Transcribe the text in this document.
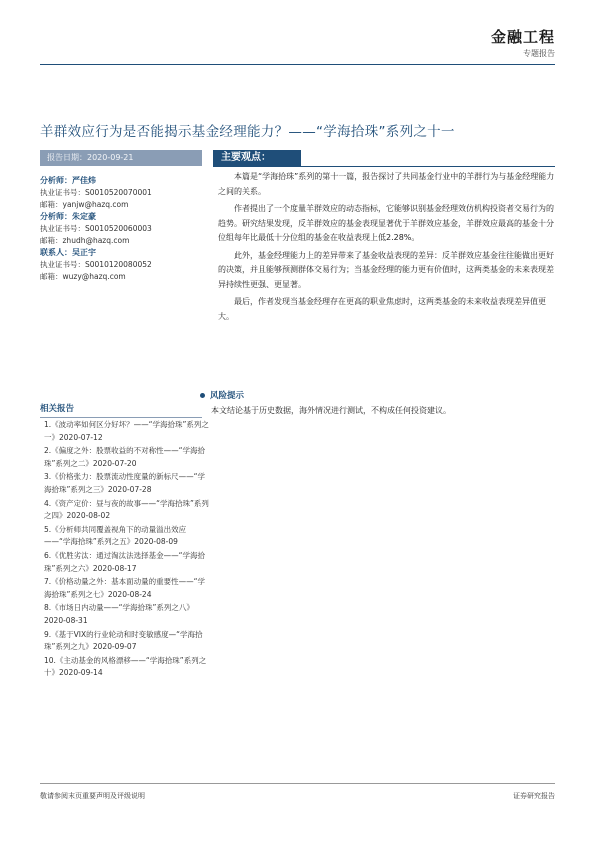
金融工程
专题报告
羊群效应行为是否能揭示基金经理能力？——“学海拾珠”系列之十一
报告日期：2020-09-21
分析师：严佳炜
执业证书号：S0010520070001
邮箱：yanjw@hazq.com
分析师：朱定豪
执业证书号：S0010520060003
邮箱：zhudh@hazq.com
联系人：吴正宇
执业证书号：S0010120080052
邮箱：wuzy@hazq.com
主要观点：

本篇是“学海拾珠”系列的第十一篇，报告探讨了共同基金行业中的羊群行为与基金经理能力之间的关系。

作者提出了一个度量羊群效应的动态指标，它能够识别基金经理效仿机构投资者交易行为的趋势。研究结果发现，反羊群效应的基金表现显著优于羊群效应基金，羊群效应最高的基金十分位组每年比最低十分位组的基金在收益表现上低2.28%。

此外，基金经理能力上的差异带来了基金收益表现的差异：反羊群效应基金往往能做出更好的决策，并且能够预测群体交易行为；当基金经理的能力更有价值时，这两类基金的未来表现差异持续性更强、更显著。

最后，作者发现当基金经理存在更高的职业焦虑时，这两类基金的未来收益表现差异值更大。

风险提示
本文结论基于历史数据，海外情况进行测试，不构成任何投资建议。
相关报告
1.《波动率如何区分好坏？——“学海拾珠”系列之一》2020-07-12
2.《偏度之外：股票收益的不对称性——“学海拾珠”系列之二》2020-07-20
3.《价格张力：股票流动性度量的新标尺——“学海拾珠”系列之三》2020-07-28
4.《资产定价：昼与夜的故事——“学海拾珠”系列之四》2020-08-02
5.《分析师共同覆盖视角下的动量溢出效应——“学海拾珠”系列之五》2020-08-09
6.《优胜劣汰：通过淘汰法选择基金——“学海拾珠”系列之六》2020-08-17
7.《价格动量之外：基本面动量的重要性——“学海拾珠”系列之七》2020-08-24
8.《市场日内动量——“学海拾珠”系列之八》2020-08-31
9.《基于VIX的行业轮动和时变敏感度—“学海拾珠”系列之九》2020-09-07
10.《主动基金的风格漂移——“学海拾珠”系列之十》2020-09-14
敬请参阅末页重要声明及评级说明	证券研究报告
